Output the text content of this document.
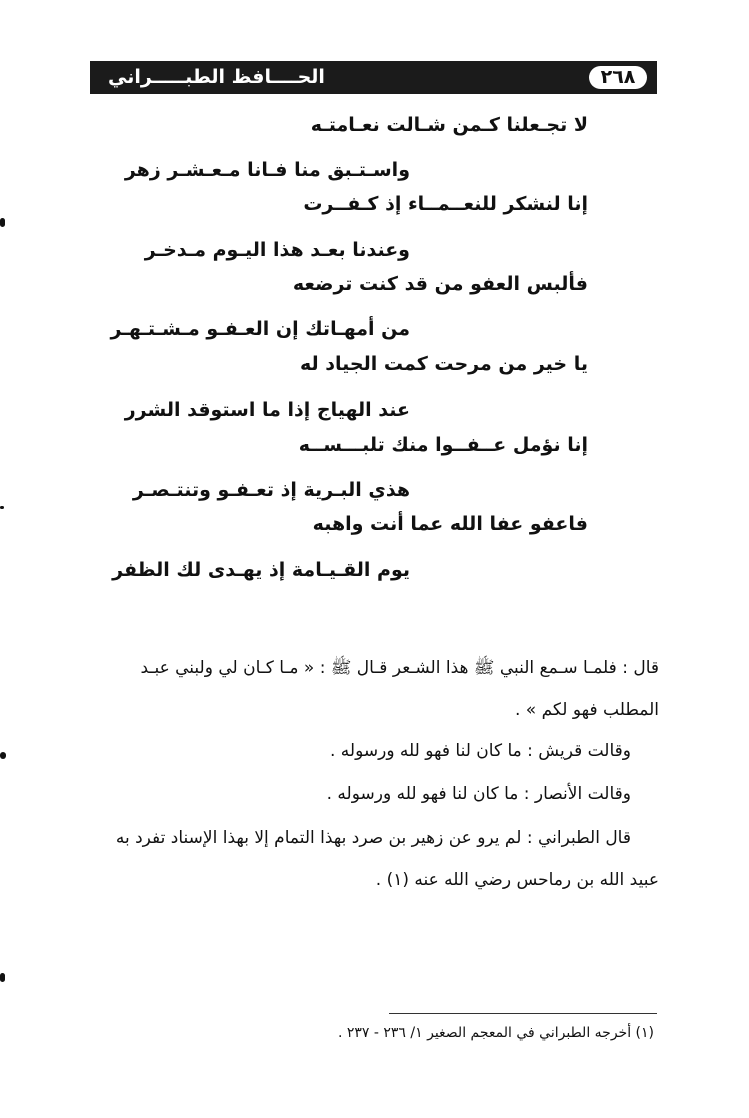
٢٦٨
الحــــافظ الطبـــــراني
لا تجـعلنا كـمن شـالت نعـامتـه
واسـتـبق منا فـانا مـعـشـر زهر
إنا لنشكر للنعــمــاء إذ كـفــرت
وعندنا بعـد هذا اليـوم مـدخـر
فألبس العفو من قد كنت ترضعه
من أمهـاتك إن العـفـو مـشـتـهـر
يا خير من مرحت كمت الجياد له
عند الهياج إذا ما استوقد الشرر
إنا نؤمل عــفــوا منك تلبـــســه
هذي البـرية إذ تعـفـو وتنتـصـر
فاعفو عفا الله عما أنت واهبه
يوم القـيـامة إذ يهـدى لك الظفر
قال : فلمـا سـمع النبي ﷺ هذا الشـعر قـال ﷺ : « مـا كـان لي ولبني عبـد
المطلب فهو لكم » .
وقالت قريش : ما كان لنا فهو لله ورسوله .
وقالت الأنصار : ما كان لنا فهو لله ورسوله .
قال الطبراني : لم يرو عن زهير بن صرد بهذا التمام إلا بهذا الإسناد تفرد به
عبيد الله بن رماحس رضي الله عنه (١) .
(١) أخرجه الطبراني في المعجم الصغير ١/ ٢٣٦ - ٢٣٧ .
